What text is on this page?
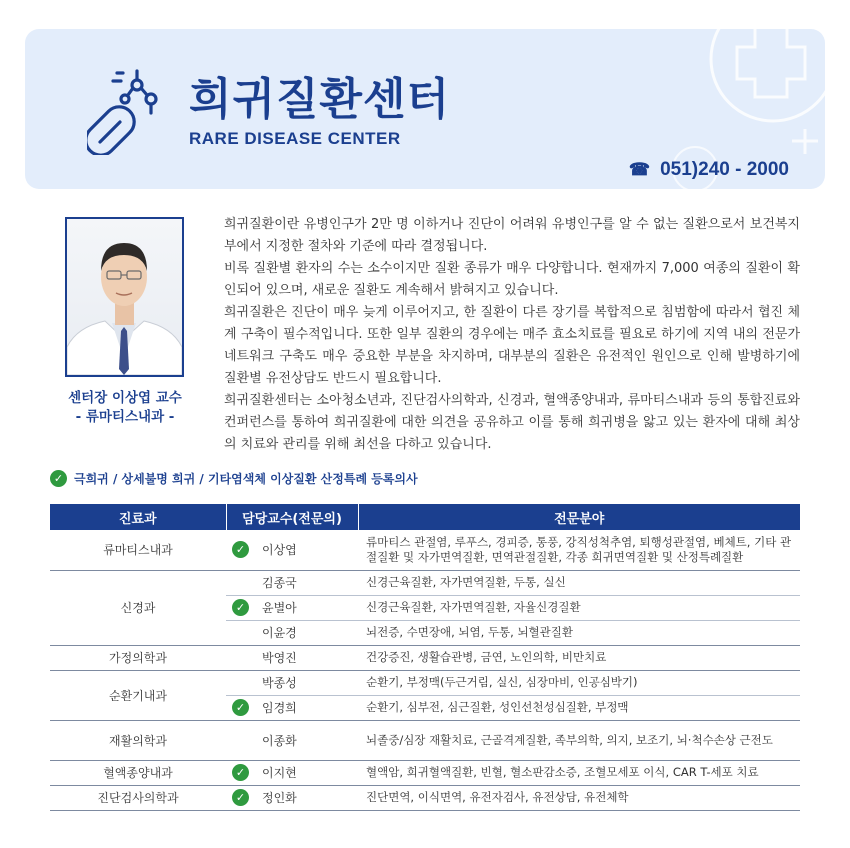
희귀질환센터
RARE DISEASE CENTER
☎ 051)240 - 2000
센터장 이상엽 교수
- 류마티스내과 -

희귀질환이란 유병인구가 2만 명 이하거나 진단이 어려워 유병인구를 알 수 없는 질환으로서 보건복지부에서 지정한 절차와 기준에 따라 결정됩니다.

비록 질환별 환자의 수는 소수이지만 질환 종류가 매우 다양합니다. 현재까지 7,000 여종의 질환이 확인되어 있으며, 새로운 질환도 계속해서 밝혀지고 있습니다.

희귀질환은 진단이 매우 늦게 이루어지고, 한 질환이 다른 장기를 복합적으로 침범함에 따라서 협진 체계 구축이 필수적입니다. 또한 일부 질환의 경우에는 매주 효소치료를 필요로 하기에 지역 내의 전문가 네트워크 구축도 매우 중요한 부분을 차지하며, 대부분의 질환은 유전적인 원인으로 인해 발병하기에 질환별 유전상담도 반드시 필요합니다.

희귀질환센터는 소아청소년과, 진단검사의학과, 신경과, 혈액종양내과, 류마티스내과 등의 통합진료와 컨퍼런스를 통하여 희귀질환에 대한 의견을 공유하고 이를 통해 희귀병을 앓고 있는 환자에 대해 최상의 치료와 관리를 위해 최선을 다하고 있습니다.

✓ 극희귀 / 상세불명 희귀 / 기타염색체 이상질환 산정특례 등록의사
진료과	담당교수(전문의)	전문분야
류마티스내과	✓ 이상엽	류마티스 관절염, 루푸스, 경피증, 통풍, 강직성척추염, 퇴행성관절염, 베체트, 기타 관절질환 및 자가면역질환, 면역관절질환, 각종 희귀면역질환 및 산정특례질환
신경과	김종국	신경근육질환, 자가면역질환, 두통, 실신

✓ 윤별아	신경근육질환, 자가면역질환, 자율신경질환
	이윤경	뇌전증, 수면장애, 뇌염, 두통, 뇌혈관질환
가정의학과	박영진	건강증진, 생활습관병, 금연, 노인의학, 비만치료
순환기내과	박종성	순환기, 부정맥(두근거림, 실신, 심장마비, 인공심박기)

✓ 임경희	순환기, 심부전, 심근질환, 성인선천성심질환, 부정맥
재활의학과	이종화	뇌졸중/심장 재활치료, 근골격계질환, 족부의학, 의지, 보조기, 뇌·척수손상 근전도
혈액종양내과	✓ 이지현	혈액암, 희귀혈액질환, 빈혈, 혈소판감소증, 조혈모세포 이식, CAR T-세포 치료
진단검사의학과	✓ 정인화	진단면역, 이식면역, 유전자검사, 유전상담, 유전체학
